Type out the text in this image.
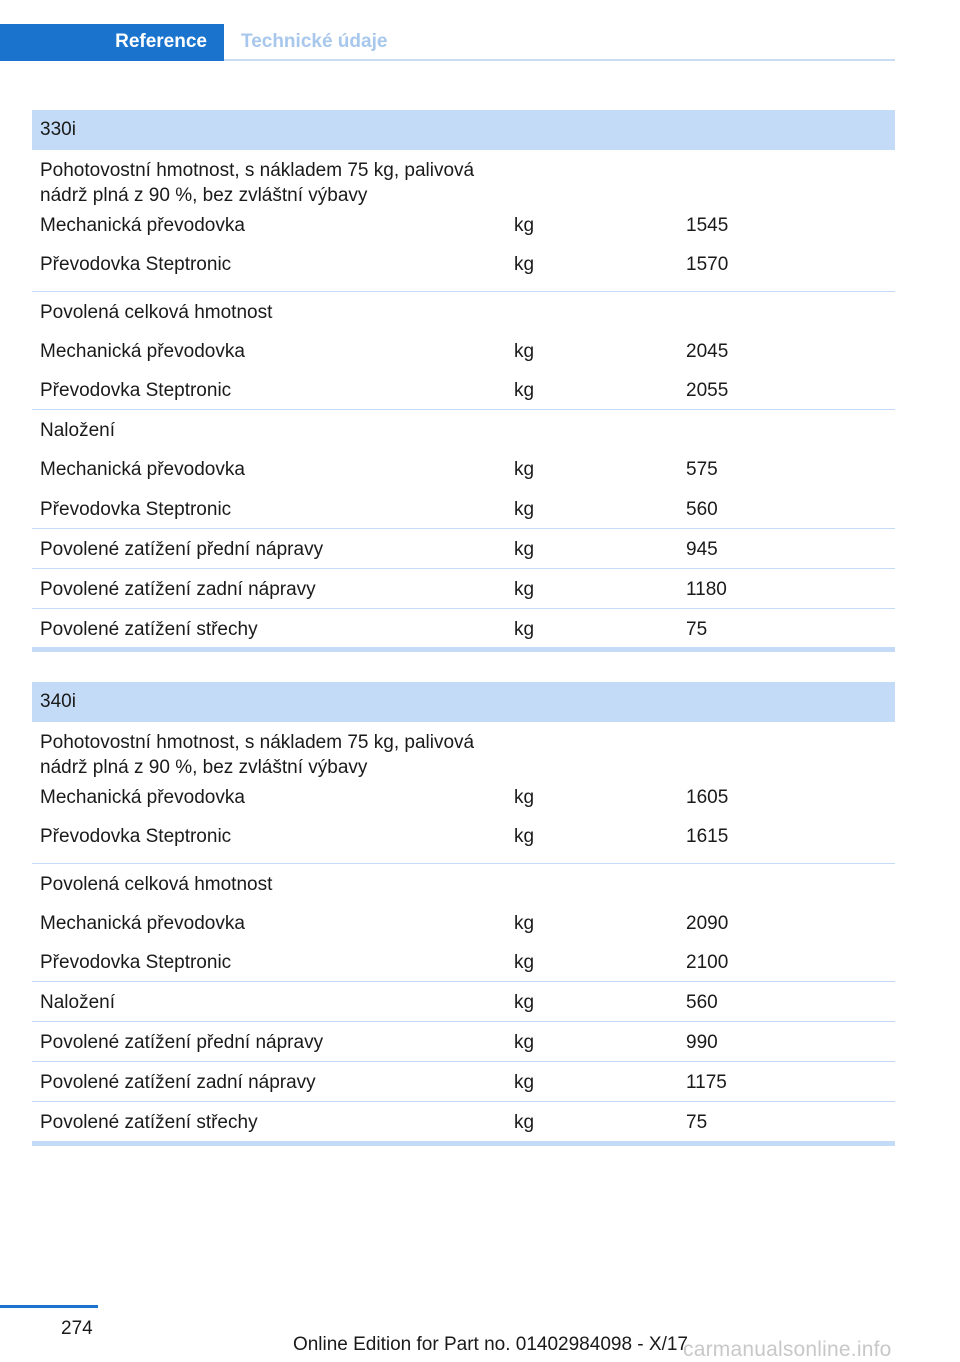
Reference	Technické údaje
330i
Pohotovostní hmotnost, s nákladem 75 kg, palivová nádrž plná z 90 %, bez zvláštní výbavy
Mechanická převodovka	kg	1545
Převodovka Steptronic	kg	1570
Povolená celková hmotnost
Mechanická převodovka	kg	2045
Převodovka Steptronic	kg	2055
Naložení
Mechanická převodovka	kg	575
Převodovka Steptronic	kg	560
Povolené zatížení přední nápravy	kg	945
Povolené zatížení zadní nápravy	kg	1180
Povolené zatížení střechy	kg	75
340i
Pohotovostní hmotnost, s nákladem 75 kg, palivová nádrž plná z 90 %, bez zvláštní výbavy
Mechanická převodovka	kg	1605
Převodovka Steptronic	kg	1615
Povolená celková hmotnost
Mechanická převodovka	kg	2090
Převodovka Steptronic	kg	2100
Naložení	kg	560
Povolené zatížení přední nápravy	kg	990
Povolené zatížení zadní nápravy	kg	1175
Povolené zatížení střechy	kg	75
274
Online Edition for Part no. 01402984098 - X/17
carmanualsonline.info
